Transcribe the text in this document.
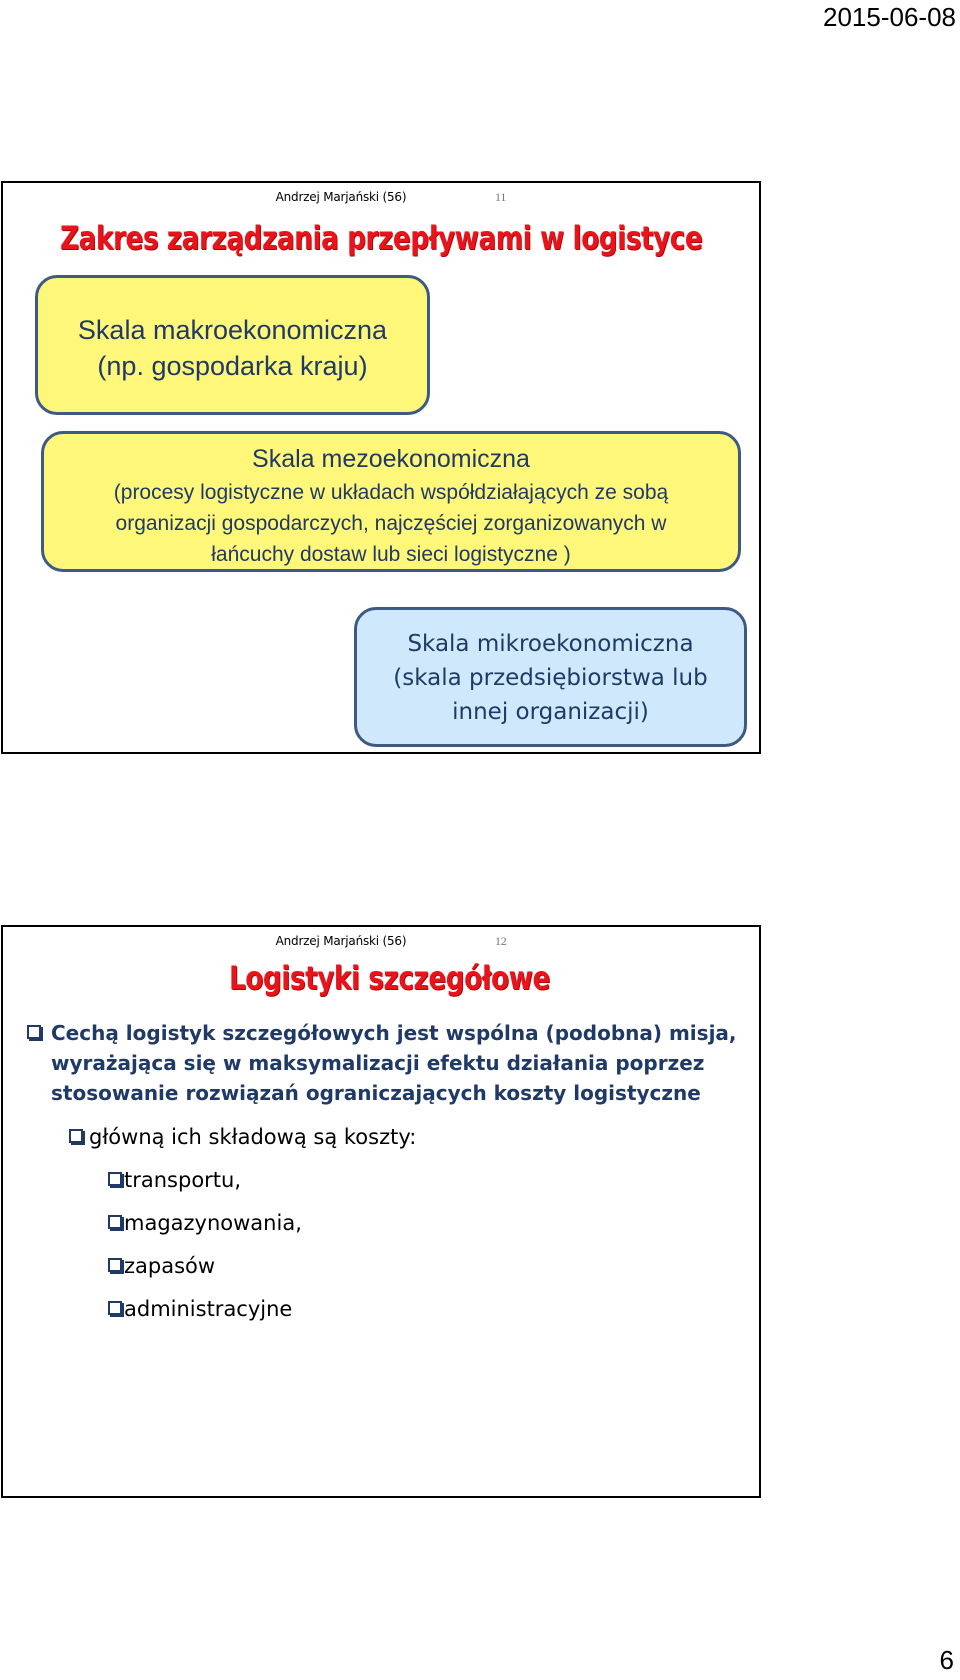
2015-06-08
Andrzej Marjański (56)	11
Zakres zarządzania przepływami w logistyce
Skala makroekonomiczna
(np. gospodarka kraju)
Skala mezoekonomiczna
(procesy logistyczne w układach współdziałających ze sobą
organizacji gospodarczych, najczęściej zorganizowanych w
łańcuchy dostaw lub sieci logistyczne )
Skala mikroekonomiczna
(skala przedsiębiorstwa lub
innej organizacji)
Andrzej Marjański (56)	12
Logistyki szczegółowe
Cechą logistyk szczegółowych jest wspólna (podobna) misja,
wyrażająca się w maksymalizacji efektu działania poprzez
stosowanie rozwiązań ograniczających koszty logistyczne
główną ich składową są koszty:
transportu,
magazynowania,
zapasów
administracyjne
6
